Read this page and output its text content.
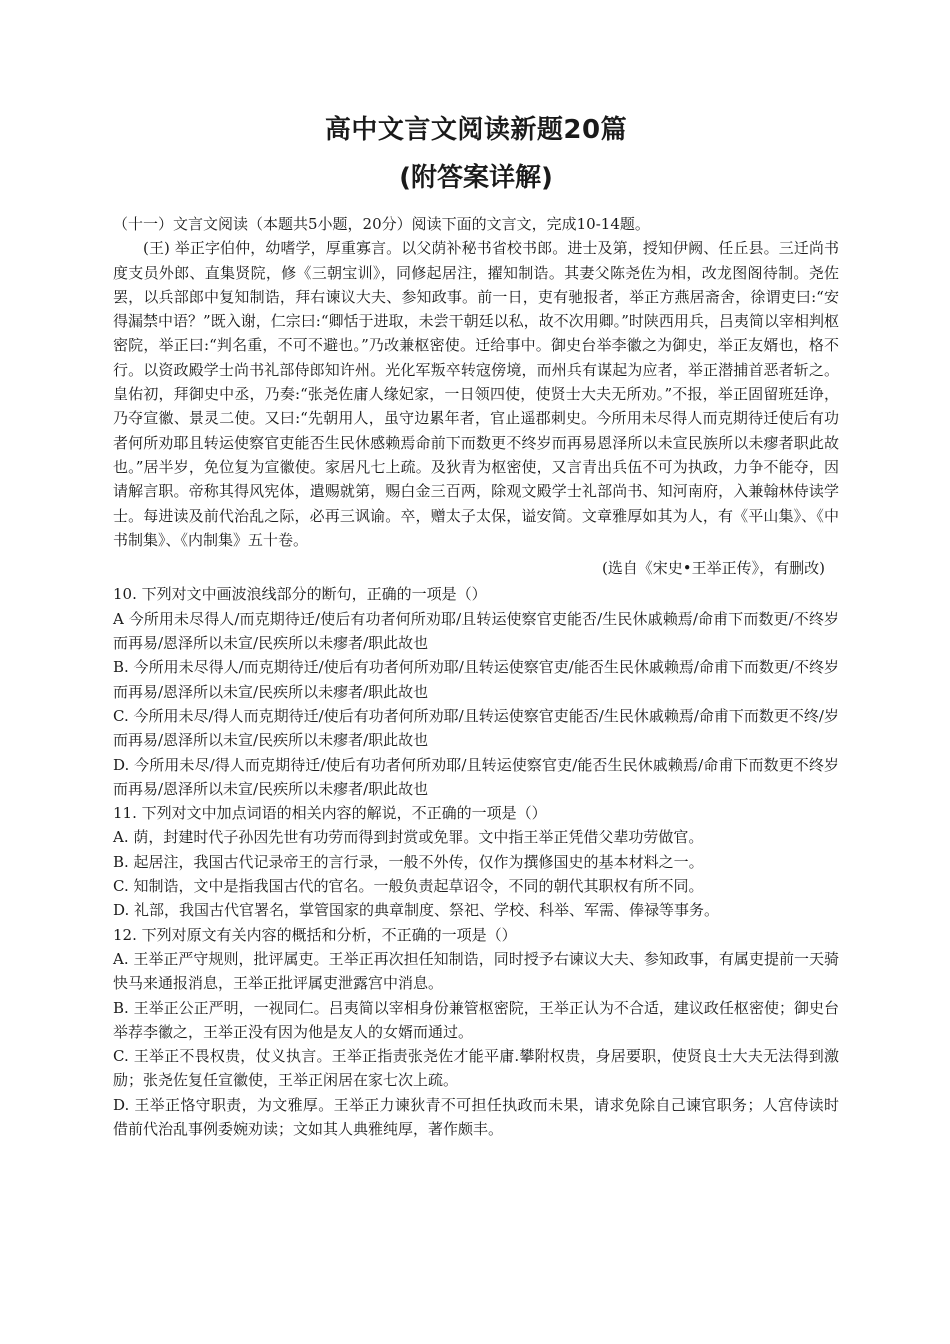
高中文言文阅读新题20篇
(附答案详解)

（十一）文言文阅读（本题共5小题，20分）阅读下面的文言文，完成10-14题。

(王) 举正字伯仲，幼嗜学，厚重寡言。以父荫补秘书省校书郎。进士及第，授知伊阙、任丘县。三迁尚书度支员外郎、直集贤院，修《三朝宝训》，同修起居注，擢知制诰。其妻父陈尧佐为相，改龙图阁待制。尧佐罢，以兵部郎中复知制诰，拜右谏议大夫、参知政事。前一日，吏有驰报者，举正方燕居斋舍，徐谓吏曰:“安得漏禁中语？”既入谢，仁宗曰:“卿恬于进取，未尝干朝廷以私，故不次用卿。”时陕西用兵，吕夷简以宰相判枢密院，举正曰:“判名重，不可不避也。”乃改兼枢密使。迁给事中。御史台举李徽之为御史，举正友婿也，格不行。以资政殿学士尚书礼部侍郎知许州。光化军叛卒转寇傍境，而州兵有谋起为应者，举正潜捕首恶者斩之。皇佑初，拜御史中丞，乃奏:“张尧佐庸人缘妃家，一日领四使，使贤士大夫无所劝。”不报，举正固留班廷诤，乃夺宣徽、景灵二使。又曰:“先朝用人，虽守边累年者，官止遥郡刺史。今所用未尽得人而克期待迁使后有功者何所劝耶且转运使察官吏能否生民休感赖焉命前下而数更不终岁而再易恩泽所以未宣民族所以未瘳者职此故也。”居半岁，免位复为宣徽使。家居凡七上疏。及狄青为枢密使，又言青出兵伍不可为执政，力争不能夺，因请解言职。帝称其得风宪体，遣赐就第，赐白金三百两，除观文殿学士礼部尚书、知河南府，入兼翰林侍读学士。每进读及前代治乱之际，必再三讽谕。卒，赠太子太保，谥安简。文章雅厚如其为人，有《平山集》、《中书制集》、《内制集》五十卷。

(选自《宋史•王举正传》，有删改)

10. 下列对文中画波浪线部分的断句，正确的一项是（）

A 今所用未尽得人/而克期待迁/使后有功者何所劝耶/且转运使察官吏能否/生民休戚赖焉/命甫下而数更/不终岁而再易/恩泽所以未宣/民疾所以未瘳者/职此故也

B. 今所用未尽得人/而克期待迁/使后有功者何所劝耶/且转运使察官吏/能否生民休戚赖焉/命甫下而数更/不终岁而再易/恩泽所以未宣/民疾所以未瘳者/职此故也

C. 今所用未尽/得人而克期待迁/使后有功者何所劝耶/且转运使察官吏能否/生民休戚赖焉/命甫下而数更不终/岁而再易/恩泽所以未宣/民疾所以未瘳者/职此故也

D. 今所用未尽/得人而克期待迁/使后有功者何所劝耶/且转运使察官吏/能否生民休戚赖焉/命甫下而数更不终岁而再易/恩泽所以未宣/民疾所以未瘳者/职此故也

11. 下列对文中加点词语的相关内容的解说，不正确的一项是（）

A. 荫，封建时代子孙因先世有功劳而得到封赏或免罪。文中指王举正凭借父辈功劳做官。

B. 起居注，我国古代记录帝王的言行录，一般不外传，仅作为撰修国史的基本材料之一。

C. 知制诰，文中是指我国古代的官名。一般负责起草诏令，不同的朝代其职权有所不同。

D. 礼部，我国古代官署名，掌管国家的典章制度、祭祀、学校、科举、军需、俸禄等事务。

12. 下列对原文有关内容的概括和分析，不正确的一项是（）

A. 王举正严守规则，批评属吏。王举正再次担任知制诰，同时授予右谏议大夫、参知政事，有属吏提前一天骑快马来通报消息，王举正批评属吏泄露宫中消息。

B. 王举正公正严明，一视同仁。吕夷简以宰相身份兼管枢密院，王举正认为不合适，建议政任枢密使；御史台举荐李徽之，王举正没有因为他是友人的女婿而通过。

C. 王举正不畏权贵，仗义执言。王举正指责张尧佐才能平庸.攀附权贵，身居要职，使贤良士大夫无法得到激励；张尧佐复任宣徽使，王举正闲居在家七次上疏。

D. 王举正恪守职责，为文雅厚。王举正力谏狄青不可担任执政而未果，请求免除自己谏官职务；人宫侍读时借前代治乱事例委婉劝读；文如其人典雅纯厚，著作颇丰。
